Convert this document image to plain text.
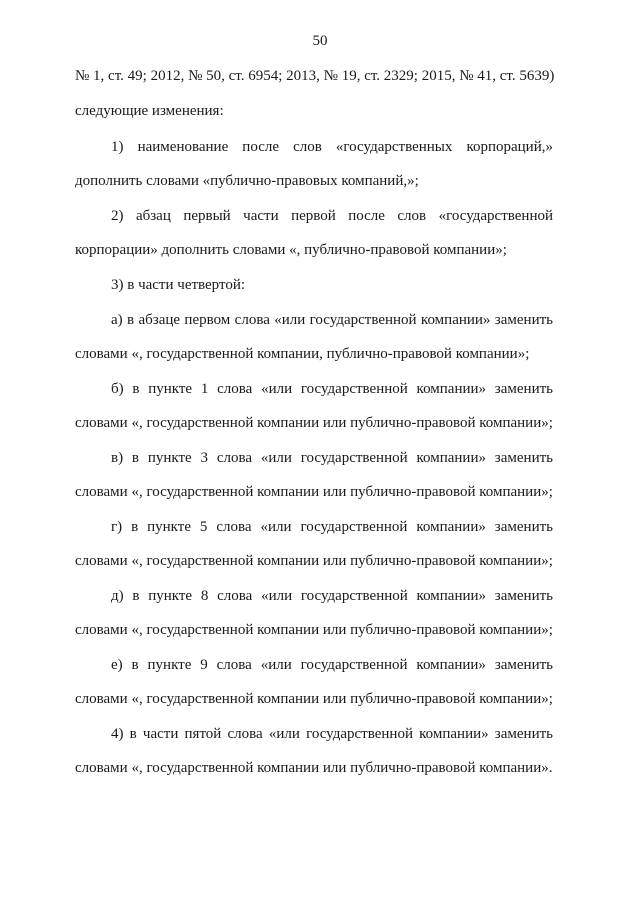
50
№ 1, ст. 49; 2012, № 50, ст. 6954; 2013, № 19, ст. 2329; 2015, № 41, ст. 5639)
следующие изменения:
1) наименование после слов «государственных корпораций,»
дополнить словами «публично-правовых компаний,»;
2) абзац первый части первой после слов «государственной
корпорации» дополнить словами «, публично-правовой компании»;
3) в части четвертой:
а) в абзаце первом слова «или государственной компании» заменить
словами «, государственной компании, публично-правовой компании»;
б) в пункте 1 слова «или государственной компании» заменить
словами «, государственной компании или публично-правовой компании»;
в) в пункте 3 слова «или государственной компании» заменить
словами «, государственной компании или публично-правовой компании»;
г) в пункте 5 слова «или государственной компании» заменить
словами «, государственной компании или публично-правовой компании»;
д) в пункте 8 слова «или государственной компании» заменить
словами «, государственной компании или публично-правовой компании»;
е) в пункте 9 слова «или государственной компании» заменить
словами «, государственной компании или публично-правовой компании»;
4) в части пятой слова «или государственной компании» заменить
словами «, государственной компании или публично-правовой компании».
